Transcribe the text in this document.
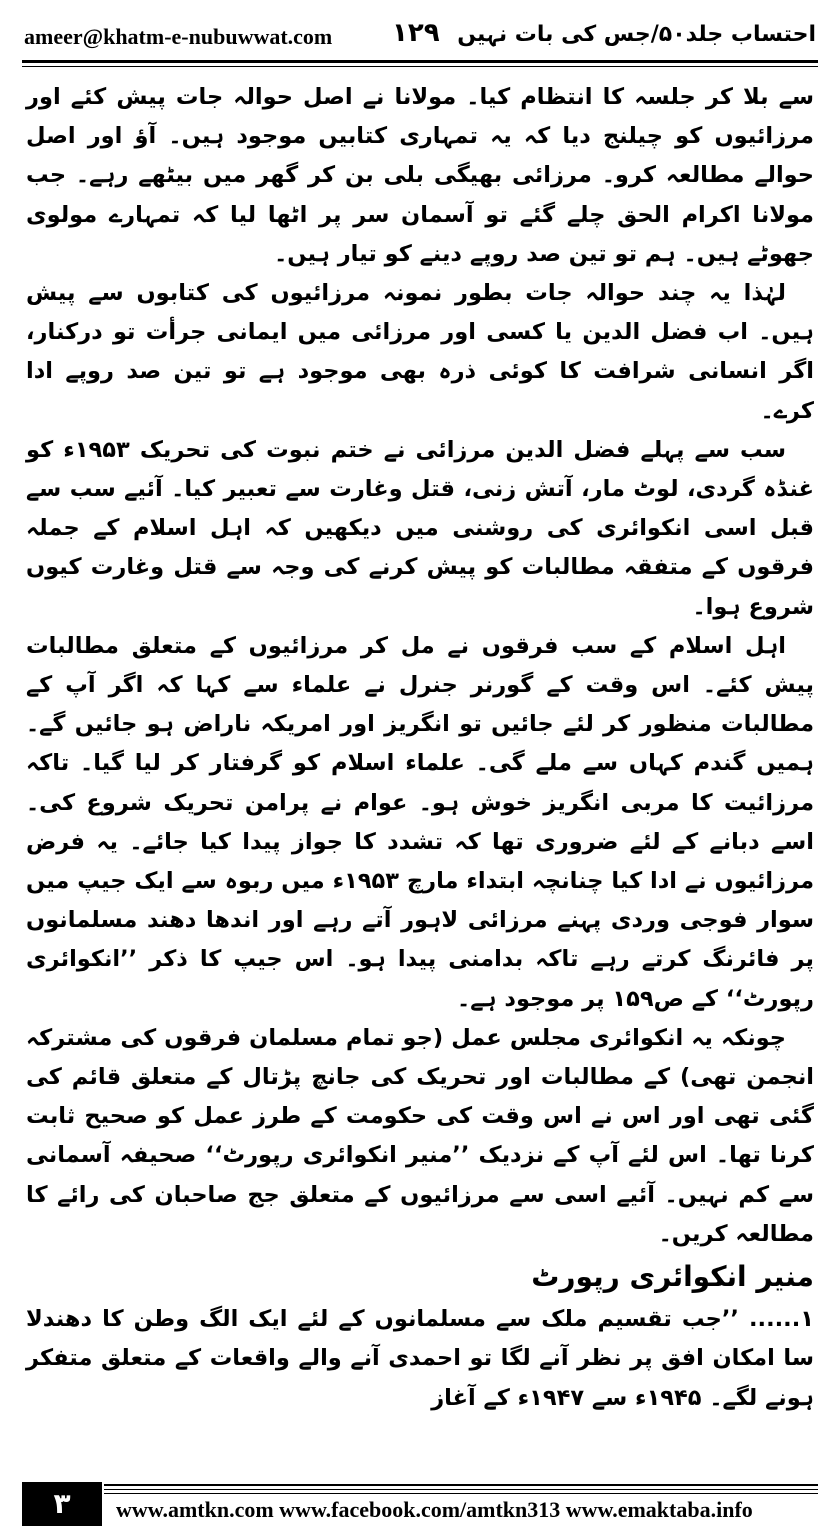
ameer@khatm-e-nubuwwat.com ۱۲۹ احتساب جلد۵۰/جس کی بات نہیں

سے بلا کر جلسہ کا انتظام کیا۔ مولانا نے اصل حوالہ جات پیش کئے اور مرزائیوں کو چیلنج دیا کہ یہ تمہاری کتابیں موجود ہیں۔ آؤ اور اصل حوالے مطالعہ کرو۔ مرزائی بھیگی بلی بن کر گھر میں بیٹھے رہے۔ جب مولانا اکرام الحق چلے گئے تو آسمان سر پر اٹھا لیا کہ تمہارے مولوی جھوٹے ہیں۔ ہم تو تین صد روپے دینے کو تیار ہیں۔

لہٰذا یہ چند حوالہ جات بطور نمونہ مرزائیوں کی کتابوں سے پیش ہیں۔ اب فضل الدین یا کسی اور مرزائی میں ایمانی جرأت تو درکنار، اگر انسانی شرافت کا کوئی ذرہ بھی موجود ہے تو تین صد روپے ادا کرے۔

سب سے پہلے فضل الدین مرزائی نے ختم نبوت کی تحریک ۱۹۵۳ء کو غنڈہ گردی، لوٹ مار، آتش زنی، قتل وغارت سے تعبیر کیا۔ آئیے سب سے قبل اسی انکوائری کی روشنی میں دیکھیں کہ اہل اسلام کے جملہ فرقوں کے متفقہ مطالبات کو پیش کرنے کی وجہ سے قتل وغارت کیوں شروع ہوا۔

اہل اسلام کے سب فرقوں نے مل کر مرزائیوں کے متعلق مطالبات پیش کئے۔ اس وقت کے گورنر جنرل نے علماء سے کہا کہ اگر آپ کے مطالبات منظور کر لئے جائیں تو انگریز اور امریکہ ناراض ہو جائیں گے۔ ہمیں گندم کہاں سے ملے گی۔ علماء اسلام کو گرفتار کر لیا گیا۔ تاکہ مرزائیت کا مربی انگریز خوش ہو۔ عوام نے پرامن تحریک شروع کی۔ اسے دبانے کے لئے ضروری تھا کہ تشدد کا جواز پیدا کیا جائے۔ یہ فرض مرزائیوں نے ادا کیا چنانچہ ابتداء مارچ ۱۹۵۳ء میں ربوہ سے ایک جیپ میں سوار فوجی وردی پہنے مرزائی لاہور آتے رہے اور اندھا دھند مسلمانوں پر فائرنگ کرتے رہے تاکہ بدامنی پیدا ہو۔ اس جیپ کا ذکر ’’انکوائری رپورٹ‘‘ کے ص۱۵۹ پر موجود ہے۔

چونکہ یہ انکوائری مجلس عمل (جو تمام مسلمان فرقوں کی مشترکہ انجمن تھی) کے مطالبات اور تحریک کی جانچ پڑتال کے متعلق قائم کی گئی تھی اور اس نے اس وقت کی حکومت کے طرز عمل کو صحیح ثابت کرنا تھا۔ اس لئے آپ کے نزدیک ’’منیر انکوائری رپورٹ‘‘ صحیفہ آسمانی سے کم نہیں۔ آئیے اسی سے مرزائیوں کے متعلق جج صاحبان کی رائے کا مطالعہ کریں۔

منیر انکوائری رپورٹ

۱...... ’’جب تقسیم ملک سے مسلمانوں کے لئے ایک الگ وطن کا دھندلا سا امکان افق پر نظر آنے لگا تو احمدی آنے والے واقعات کے متعلق متفکر ہونے لگے۔ ۱۹۴۵ء سے ۱۹۴۷ء کے آغاز

۳	www.amtkn.com www.facebook.com/amtkn313 www.emaktaba.info
